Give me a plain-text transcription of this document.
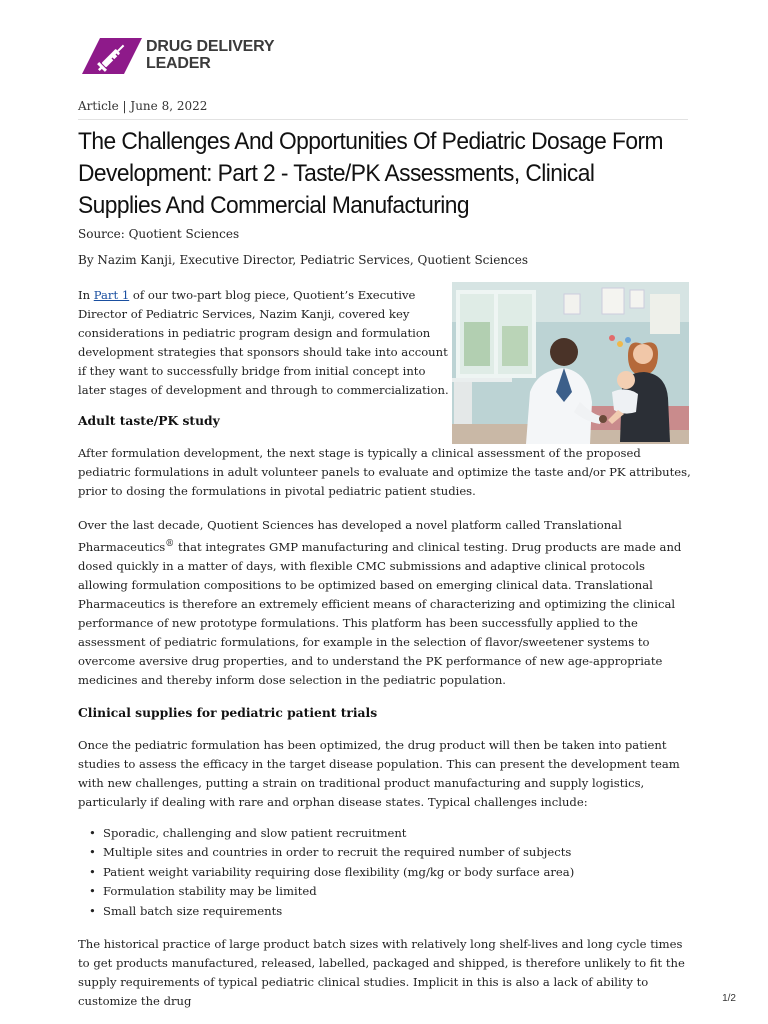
DRUG DELIVERY
LEADER
Article | June 8, 2022
The Challenges And Opportunities Of Pediatric Dosage Form
Development: Part 2 - Taste/PK Assessments, Clinical
Supplies And Commercial Manufacturing
Source: Quotient Sciences
By Nazim Kanji, Executive Director, Pediatric Services, Quotient Sciences

In Part 1 of our two-part blog piece, Quotient’s Executive Director of Pediatric Services, Nazim Kanji, covered key considerations in pediatric program design and formulation development strategies that sponsors should take into account if they want to successfully bridge from initial concept into later stages of development and through to commercialization.

Adult taste/PK study

After formulation development, the next stage is typically a clinical assessment of the proposed pediatric formulations in adult volunteer panels to evaluate and optimize the taste and/or PK attributes, prior to dosing the formulations in pivotal pediatric patient studies.

Over the last decade, Quotient Sciences has developed a novel platform called Translational Pharmaceutics® that integrates GMP manufacturing and clinical testing. Drug products are made and dosed quickly in a matter of days, with flexible CMC submissions and adaptive clinical protocols allowing formulation compositions to be optimized based on emerging clinical data. Translational Pharmaceutics is therefore an extremely efficient means of characterizing and optimizing the clinical performance of new prototype formulations. This platform has been successfully applied to the assessment of pediatric formulations, for example in the selection of flavor/sweetener systems to overcome aversive drug properties, and to understand the PK performance of new age-appropriate medicines and thereby inform dose selection in the pediatric population.

Clinical supplies for pediatric patient trials

Once the pediatric formulation has been optimized, the drug product will then be taken into patient studies to assess the efficacy in the target disease population. This can present the development team with new challenges, putting a strain on traditional product manufacturing and supply logistics, particularly if dealing with rare and orphan disease states. Typical challenges include:

• Sporadic, challenging and slow patient recruitment
• Multiple sites and countries in order to recruit the required number of subjects
• Patient weight variability requiring dose flexibility (mg/kg or body surface area)
• Formulation stability may be limited
• Small batch size requirements

The historical practice of large product batch sizes with relatively long shelf-lives and long cycle times to get products manufactured, released, labelled, packaged and shipped, is therefore unlikely to fit the supply requirements of typical pediatric clinical studies. Implicit in this is also a lack of ability to customize the drug	1/2
